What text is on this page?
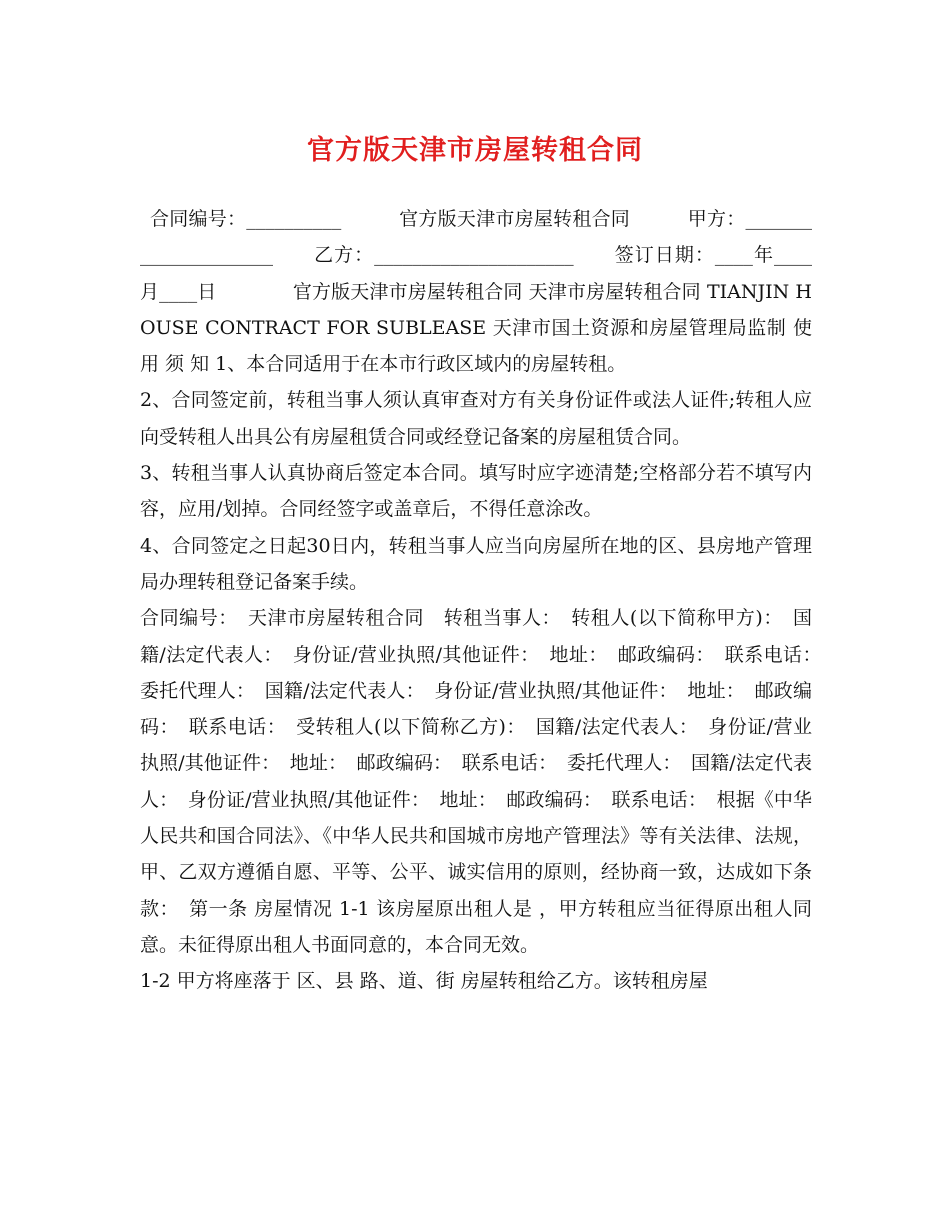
官方版天津市房屋转租合同

合同编号：__________　　　官方版天津市房屋转租合同　　　甲方：_____________________　　乙方：_____________________　　签订日期：____年____月____日　　　　官方版天津市房屋转租合同 天津市房屋转租合同 TIANJIN HOUSE CONTRACT FOR SUBLEASE 天津市国土资源和房屋管理局监制 使 用 须 知 1、本合同适用于在本市行政区域内的房屋转租。

2、合同签定前，转租当事人须认真审查对方有关身份证件或法人证件;转租人应向受转租人出具公有房屋租赁合同或经登记备案的房屋租赁合同。

3、转租当事人认真协商后签定本合同。填写时应字迹清楚;空格部分若不填写内容，应用/划掉。合同经签字或盖章后，不得任意涂改。

4、合同签定之日起30日内，转租当事人应当向房屋所在地的区、县房地产管理局办理转租登记备案手续。

合同编号：　天津市房屋转租合同　转租当事人：　转租人(以下简称甲方)：　国籍/法定代表人：　身份证/营业执照/其他证件：　地址：　邮政编码：　联系电话：　委托代理人：　国籍/法定代表人：　身份证/营业执照/其他证件：　地址：　邮政编码：　联系电话：　受转租人(以下简称乙方)：　国籍/法定代表人：　身份证/营业执照/其他证件：　地址：　邮政编码：　联系电话：　委托代理人：　国籍/法定代表人：　身份证/营业执照/其他证件：　地址：　邮政编码：　联系电话：　根据《中华人民共和国合同法》、《中华人民共和国城市房地产管理法》等有关法律、法规，甲、乙双方遵循自愿、平等、公平、诚实信用的原则，经协商一致，达成如下条款：　第一条 房屋情况 1-1 该房屋原出租人是 ，甲方转租应当征得原出租人同意。未征得原出租人书面同意的，本合同无效。

1-2 甲方将座落于 区、县 路、道、街 房屋转租给乙方。该转租房屋
